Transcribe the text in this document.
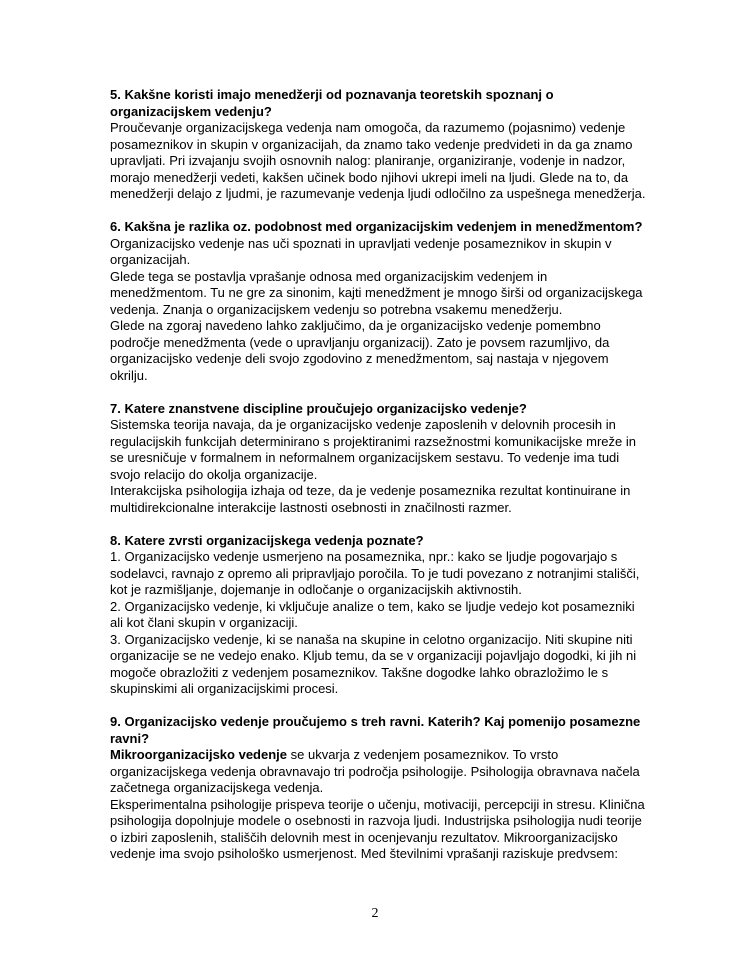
5. Kakšne koristi imajo menedžerji od poznavanja teoretskih spoznanj o organizacijskem vedenju?

Proučevanje organizacijskega vedenja nam omogoča, da razumemo (pojasnimo) vedenje posameznikov in skupin v organizacijah, da znamo tako vedenje predvideti in da ga znamo upravljati. Pri izvajanju svojih osnovnih nalog: planiranje, organiziranje, vodenje in nadzor, morajo menedžerji vedeti, kakšen učinek bodo njihovi ukrepi imeli na ljudi. Glede na to, da menedžerji delajo z ljudmi, je razumevanje vedenja ljudi odločilno za uspešnega menedžerja.

6. Kakšna je razlika oz. podobnost med organizacijskim vedenjem in menedžmentom?

Organizacijsko vedenje nas uči spoznati in upravljati vedenje posameznikov in skupin v organizacijah.

Glede tega se postavlja vprašanje odnosa med organizacijskim vedenjem in menedžmentom. Tu ne gre za sinonim, kajti menedžment je mnogo širši od organizacijskega vedenja. Znanja o organizacijskem vedenju so potrebna vsakemu menedžerju.

Glede na zgoraj navedeno lahko zaključimo, da je organizacijsko vedenje pomembno področje menedžmenta (vede o upravljanju organizacij). Zato je povsem razumljivo, da organizacijsko vedenje deli svojo zgodovino z menedžmentom, saj nastaja v njegovem okrilju.

7. Katere znanstvene discipline proučujejo organizacijsko vedenje?

Sistemska teorija navaja, da je organizacijsko vedenje zaposlenih v delovnih procesih in regulacijskih funkcijah determinirano s projektiranimi razsežnostmi komunikacijske mreže in se uresničuje v formalnem in neformalnem organizacijskem sestavu. To vedenje ima tudi svojo relacijo do okolja organizacije.

Interakcijska psihologija izhaja od teze, da je vedenje posameznika rezultat kontinuirane in multidirekcionalne interakcije lastnosti osebnosti in značilnosti razmer.

8. Katere zvrsti organizacijskega vedenja poznate?

1. Organizacijsko vedenje usmerjeno na posameznika, npr.: kako se ljudje pogovarjajo s sodelavci, ravnajo z opremo ali pripravljajo poročila. To je tudi povezano z notranjimi stališči, kot je razmišljanje, dojemanje in odločanje o organizacijskih aktivnostih.

2. Organizacijsko vedenje, ki vključuje analize o tem, kako se ljudje vedejo kot posamezniki ali kot člani skupin v organizaciji.

3. Organizacijsko vedenje, ki se nanaša na skupine in celotno organizacijo. Niti skupine niti organizacije se ne vedejo enako. Kljub temu, da se v organizaciji pojavljajo dogodki, ki jih ni mogoče obrazložiti z vedenjem posameznikov. Takšne dogodke lahko obrazložimo le s skupinskimi ali organizacijskimi procesi.

9. Organizacijsko vedenje proučujemo s treh ravni. Katerih? Kaj pomenijo posamezne ravni?

Mikroorganizacijsko vedenje se ukvarja z vedenjem posameznikov. To vrsto organizacijskega vedenja obravnavajo tri področja psihologije. Psihologija obravnava načela začetnega organizacijskega vedenja.

Eksperimentalna psihologije prispeva teorije o učenju, motivaciji, percepciji in stresu. Klinična psihologija dopolnjuje modele o osebnosti in razvoja ljudi. Industrijska psihologija nudi teorije o izbiri zaposlenih, stališčih delovnih mest in ocenjevanju rezultatov. Mikroorganizacijsko vedenje ima svojo psihološko usmerjenost. Med številnimi vprašanji raziskuje predvsem:

2
